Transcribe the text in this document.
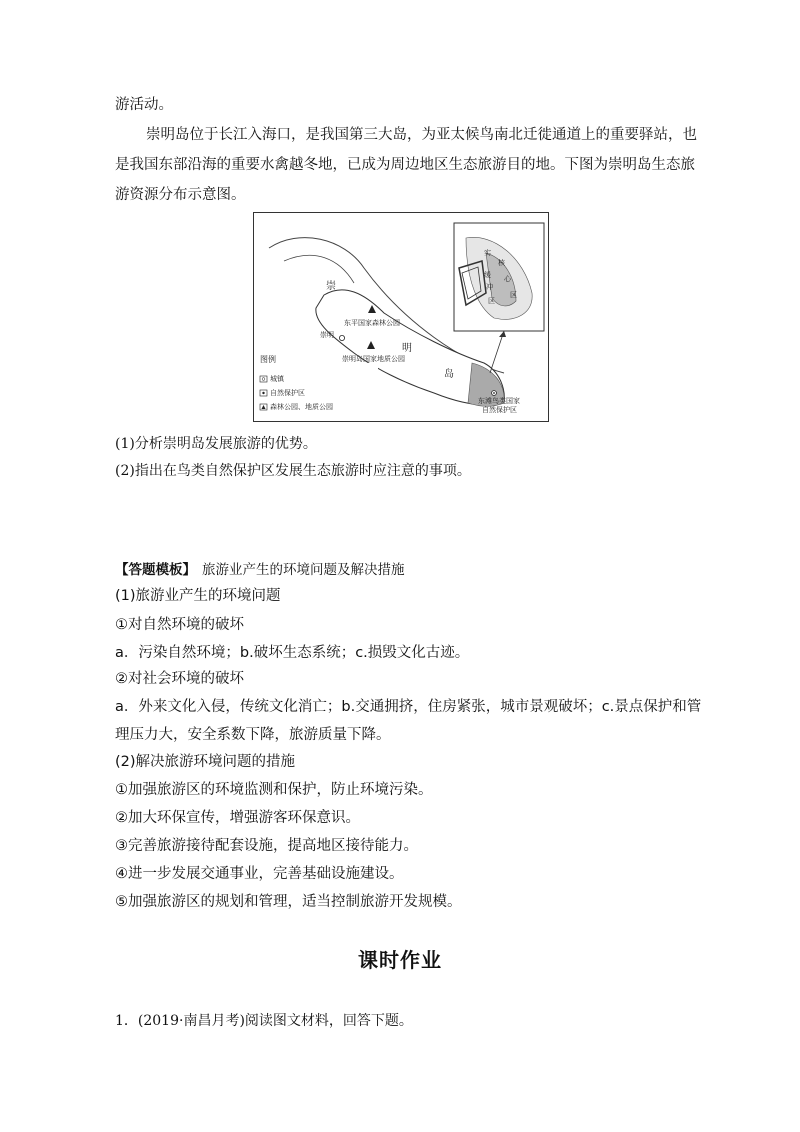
游活动。
崇明岛位于长江入海口，是我国第三大岛，为亚太候鸟南北迁徙通道上的重要驿站，也
是我国东部沿海的重要水禽越冬地，已成为周边地区生态旅游目的地。下图为崇明岛生态旅
游资源分布示意图。
崇
明
岛
东平国家森林公园
崇明
崇明岛国家地质公园
东滩鸟类国家
自然保护区
实
核
缓 心
冲
区
区
图例
城镇
自然保护区
森林公园、地质公园
(1)分析崇明岛发展旅游的优势。
(2)指出在鸟类自然保护区发展生态旅游时应注意的事项。
【答题模板】 旅游业产生的环境问题及解决措施
(1)旅游业产生的环境问题
①对自然环境的破坏
a．污染自然环境；b.破坏生态系统；c.损毁文化古迹。
②对社会环境的破坏
a．外来文化入侵，传统文化消亡；b.交通拥挤，住房紧张，城市景观破坏；c.景点保护和管
理压力大，安全系数下降，旅游质量下降。
(2)解决旅游环境问题的措施
①加强旅游区的环境监测和保护，防止环境污染。
②加大环保宣传，增强游客环保意识。
③完善旅游接待配套设施，提高地区接待能力。
④进一步发展交通事业，完善基础设施建设。
⑤加强旅游区的规划和管理，适当控制旅游开发规模。
课时作业
1．(2019·南昌月考)阅读图文材料，回答下题。
